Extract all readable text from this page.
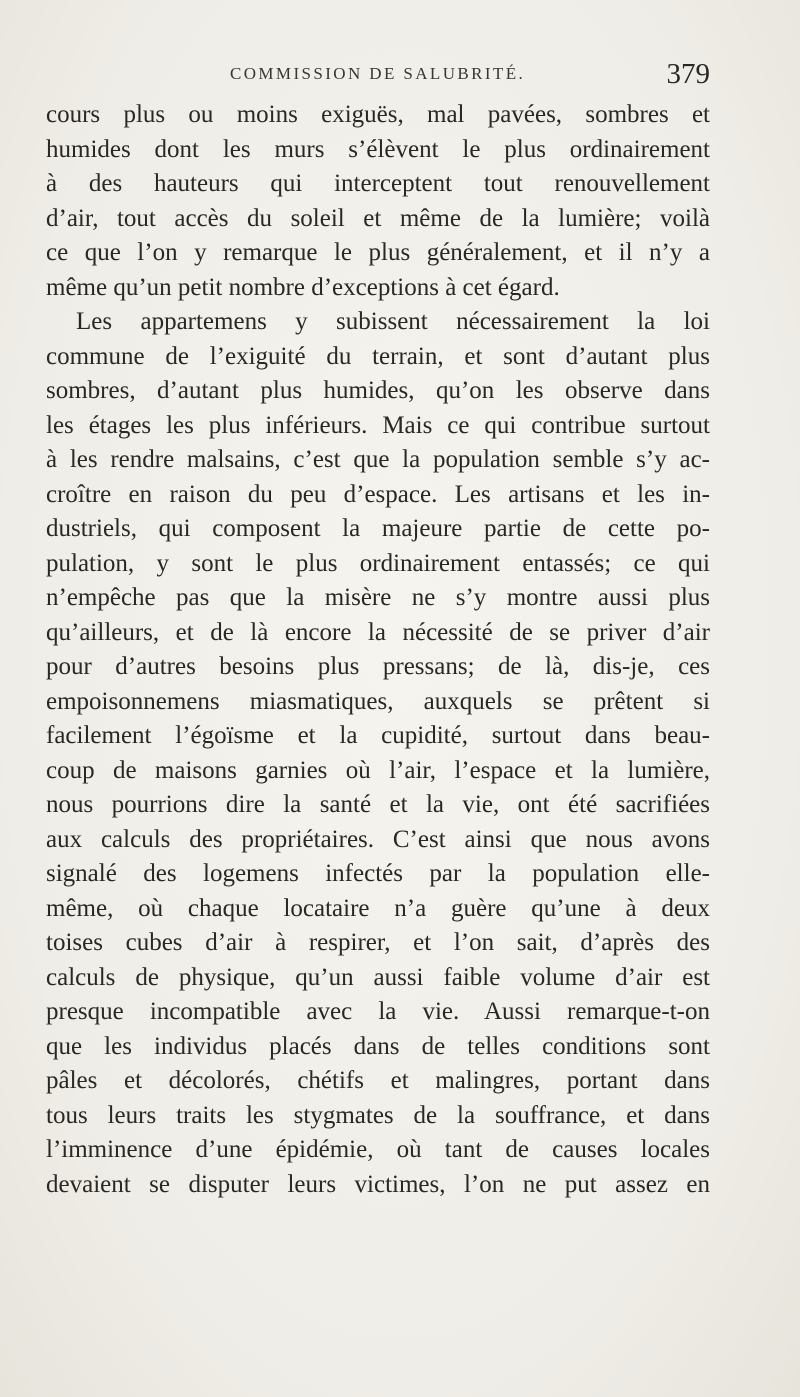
COMMISSION DE SALUBRITÉ.	379
cours plus ou moins exiguës, mal pavées, sombres et
humides dont les murs s’élèvent le plus ordinairement
à des hauteurs qui interceptent tout renouvellement
d’air, tout accès du soleil et même de la lumière; voilà
ce que l’on y remarque le plus généralement, et il n’y a
même qu’un petit nombre d’exceptions à cet égard.
Les appartemens y subissent nécessairement la loi
commune de l’exiguité du terrain, et sont d’autant plus
sombres, d’autant plus humides, qu’on les observe dans
les étages les plus inférieurs. Mais ce qui contribue surtout
à les rendre malsains, c’est que la population semble s’y ac-
croître en raison du peu d’espace. Les artisans et les in-
dustriels, qui composent la majeure partie de cette po-
pulation, y sont le plus ordinairement entassés; ce qui
n’empêche pas que la misère ne s’y montre aussi plus
qu’ailleurs, et de là encore la nécessité de se priver d’air
pour d’autres besoins plus pressans; de là, dis-je, ces
empoisonnemens miasmatiques, auxquels se prêtent si
facilement l’égoïsme et la cupidité, surtout dans beau-
coup de maisons garnies où l’air, l’espace et la lumière,
nous pourrions dire la santé et la vie, ont été sacrifiées
aux calculs des propriétaires. C’est ainsi que nous avons
signalé des logemens infectés par la population elle-
même, où chaque locataire n’a guère qu’une à deux
toises cubes d’air à respirer, et l’on sait, d’après des
calculs de physique, qu’un aussi faible volume d’air est
presque incompatible avec la vie. Aussi remarque-t-on
que les individus placés dans de telles conditions sont
pâles et décolorés, chétifs et malingres, portant dans
tous leurs traits les stygmates de la souffrance, et dans
l’imminence d’une épidémie, où tant de causes locales
devaient se disputer leurs victimes, l’on ne put assez en
